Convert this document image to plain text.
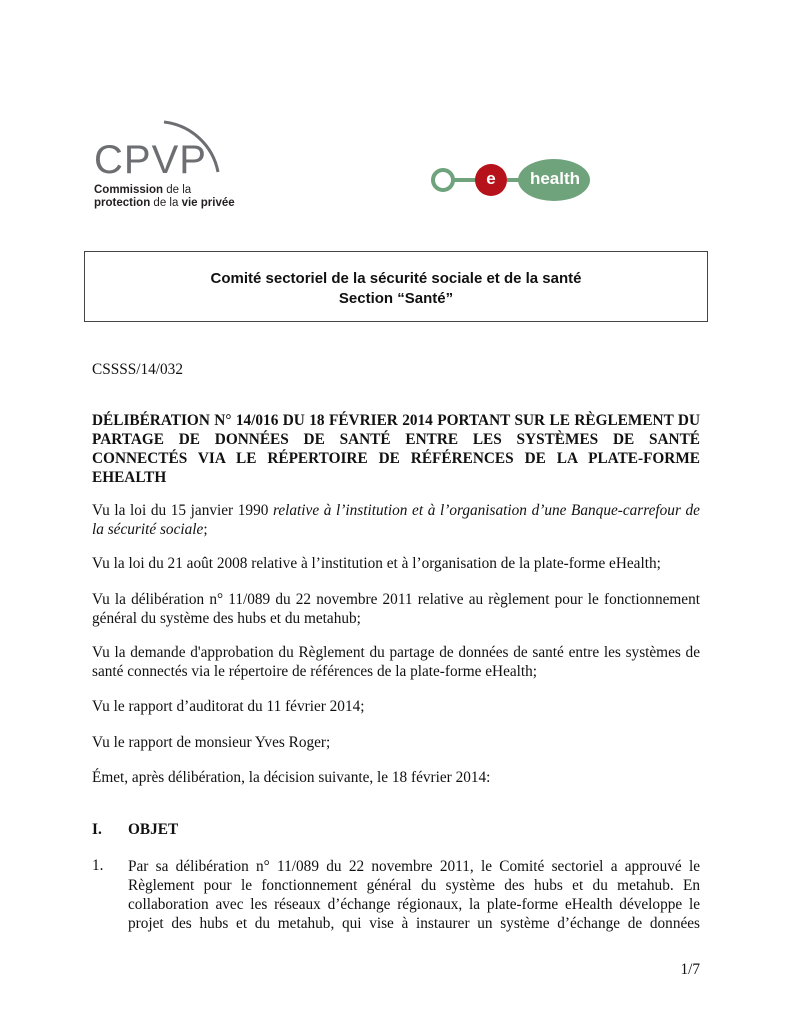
CPVP
Commission de la
protection de la vie privée
e	health
Comité sectoriel de la sécurité sociale et de la santé
Section “Santé”
CSSSS/14/032
DÉLIBÉRATION N° 14/016 DU 18 FÉVRIER 2014 PORTANT SUR LE RÈGLEMENT DU PARTAGE DE DONNÉES DE SANTÉ ENTRE LES SYSTÈMES DE SANTÉ CONNECTÉS VIA LE RÉPERTOIRE DE RÉFÉRENCES DE LA PLATE-FORME EHEALTH
Vu la loi du 15 janvier 1990 relative à l’institution et à l’organisation d’une Banque-carrefour de la sécurité sociale;
Vu la loi du 21 août 2008 relative à l’institution et à l’organisation de la plate-forme eHealth;
Vu la délibération n° 11/089 du 22 novembre 2011 relative au règlement pour le fonctionnement général du système des hubs et du metahub;
Vu la demande d'approbation du Règlement du partage de données de santé entre les systèmes de santé connectés via le répertoire de références de la plate-forme eHealth;
Vu le rapport d’auditorat du 11 février 2014;
Vu le rapport de monsieur Yves Roger;
Émet, après délibération, la décision suivante, le 18 février 2014:
I. OBJET
1. Par sa délibération n° 11/089 du 22 novembre 2011, le Comité sectoriel a approuvé le Règlement pour le fonctionnement général du système des hubs et du metahub. En collaboration avec les réseaux d’échange régionaux, la plate-forme eHealth développe le projet des hubs et du metahub, qui vise à instaurer un système d’échange de données
1/7
